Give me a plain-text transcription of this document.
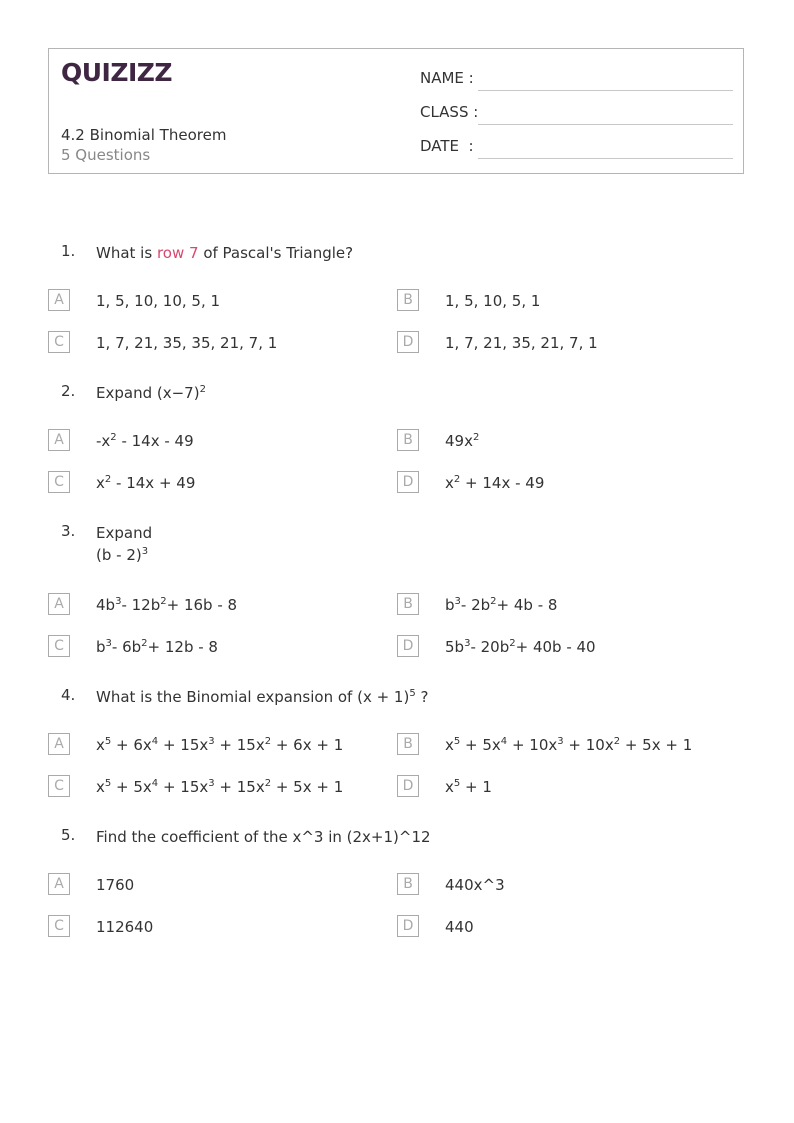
QUIZIZZ
4.2 Binomial Theorem
5 Questions
NAME :
CLASS :
DATE  :
1. What is row 7 of Pascal's Triangle?
A	1, 5, 10, 10, 5, 1	B	1, 5, 10, 5, 1
C	1, 7, 21, 35, 35, 21, 7, 1	D	1, 7, 21, 35, 21, 7, 1
2. Expand $(x-7)^2$
A	$-x^2 - 14x - 49$	B	$49x^2$
C	$x^2 - 14x + 49$	D	$x^2 + 14x - 49$
3. Expand
(b - 2)$^3$
A	$4b^3-$ $12b^2+ 16b - 8$	B	$b^3-$ $2b^2+ 4b - 8$
C	$b^3-$ $6b^2+ 12b - 8$	D	$5b^3-$ $20b^2+ 40b - 40$
4. What is the Binomial expansion of $(x + 1)^5$ ?
A	$x^5 + 6x^4 + 15x^3 + 15x^2 + 6x + 1$	B	$x^5 + 5x^4 + 10x^3 + 10x^2 + 5x + 1$
C	$x^5 + 5x^4 + 15x^3 + 15x^2 + 5x + 1$	D	$x^5 + 1$
5. Find the coefficient of the x^3 in (2x+1)^12
A	1760	B	440x^3
C	112640	D	440
